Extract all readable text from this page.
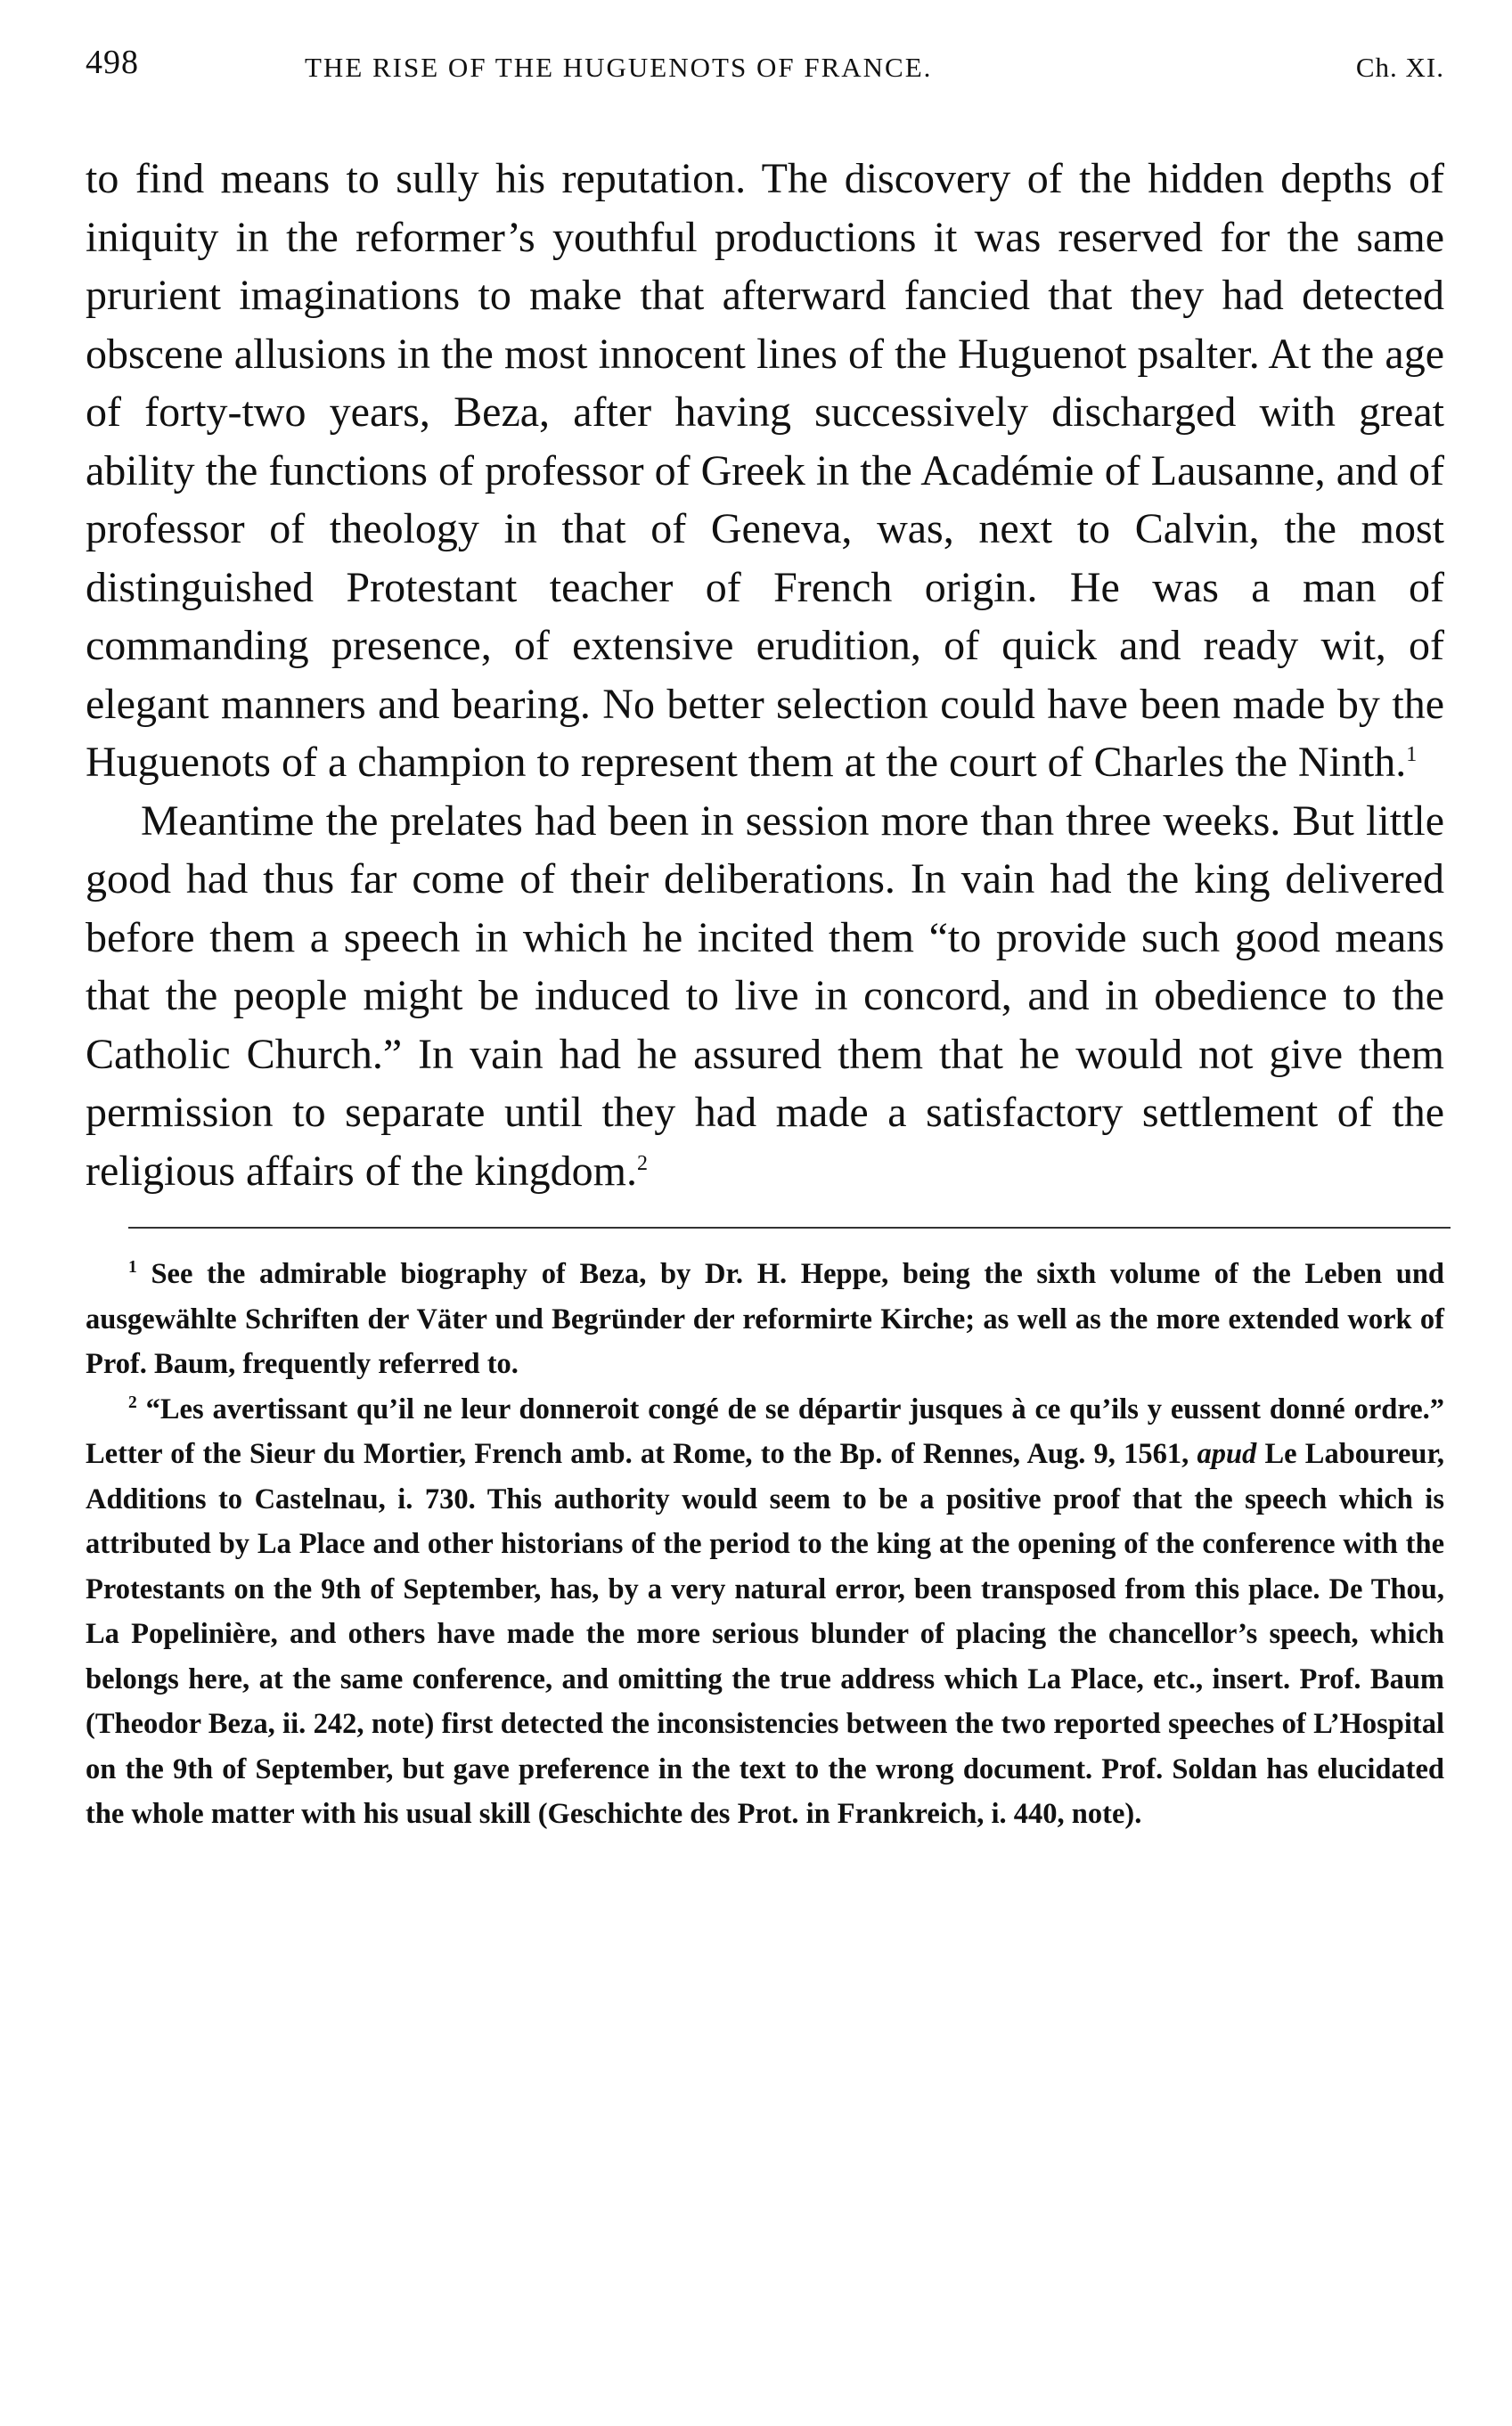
498	THE RISE OF THE HUGUENOTS OF FRANCE.	Ch. XI.

to find means to sully his reputation. The discovery of the hidden depths of iniquity in the reformer’s youthful productions it was reserved for the same prurient imaginations to make that afterward fancied that they had detected obscene allusions in the most innocent lines of the Huguenot psalter. At the age of forty-two years, Beza, after having successively discharged with great ability the functions of professor of Greek in the Académie of Lausanne, and of professor of theology in that of Geneva, was, next to Calvin, the most distinguished Protestant teacher of French origin. He was a man of commanding presence, of extensive erudition, of quick and ready wit, of elegant manners and bearing. No better selection could have been made by the Huguenots of a champion to represent them at the court of Charles the Ninth.$^1$

Meantime the prelates had been in session more than three weeks. But little good had thus far come of their deliberations. In vain had the king delivered before them a speech in which he incited them “to provide such good means that the people might be induced to live in concord, and in obedience to the Catholic Church.” In vain had he assured them that he would not give them permission to separate until they had made a satisfactory settlement of the religious affairs of the kingdom.$^2$

$^1$ See the admirable biography of Beza, by Dr. H. Heppe, being the sixth volume of the Leben und ausgewählte Schriften der Väter und Begründer der reformirte Kirche; as well as the more extended work of Prof. Baum, frequently referred to.

$^2$ “Les avertissant qu’il ne leur donneroit congé de se départir jusques à ce qu’ils y eussent donné ordre.” Letter of the Sieur du Mortier, French amb. at Rome, to the Bp. of Rennes, Aug. 9, 1561, apud Le Laboureur, Additions to Castelnau, i. 730. This authority would seem to be a positive proof that the speech which is attributed by La Place and other historians of the period to the king at the opening of the conference with the Protestants on the 9th of September, has, by a very natural error, been transposed from this place. De Thou, La Popelinière, and others have made the more serious blunder of placing the chancellor’s speech, which belongs here, at the same conference, and omitting the true address which La Place, etc., insert. Prof. Baum (Theodor Beza, ii. 242, note) first detected the inconsistencies between the two reported speeches of L’Hospital on the 9th of September, but gave preference in the text to the wrong document. Prof. Soldan has elucidated the whole matter with his usual skill (Geschichte des Prot. in Frankreich, i. 440, note).
